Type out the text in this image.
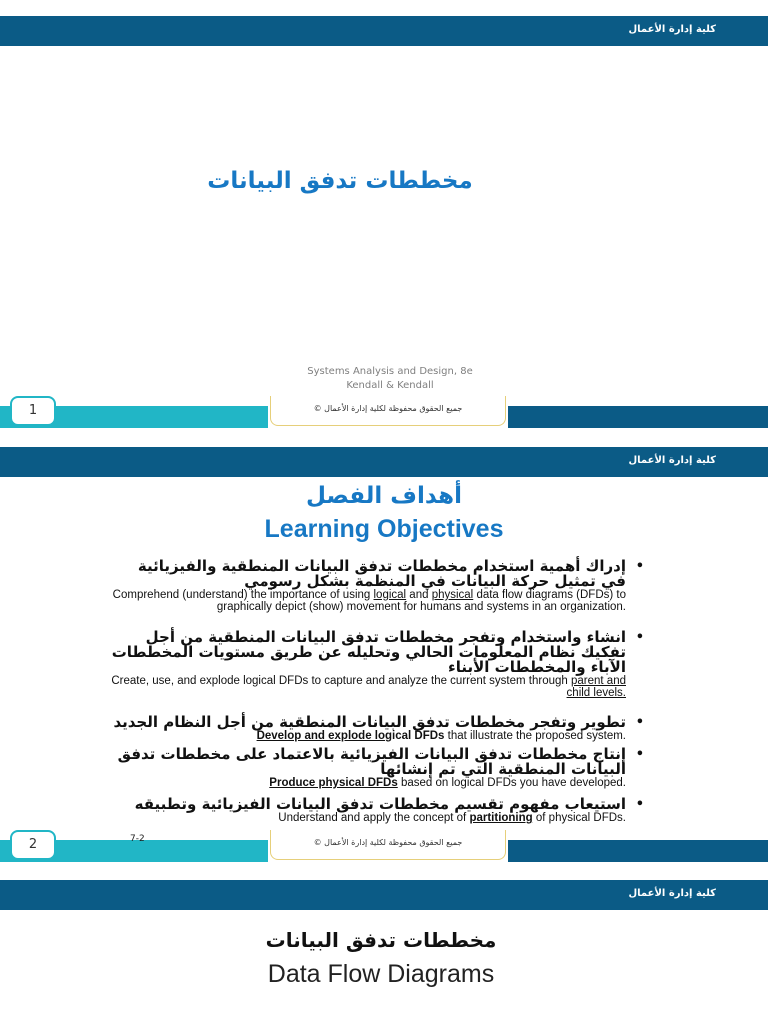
كلية إدارة الأعمال
مخططات تدفق البيانات
Systems Analysis and Design, 8e
Kendall & Kendall
1	جميع الحقوق محفوظة لكلية إدارة الأعمال ©
كلية إدارة الأعمال
أهداف الفصل
Learning Objectives
•
إدراك أهمية استخدام مخططات تدفق البيانات المنطقية والفيزيائية في تمثيل حركة البيانات في المنظمة بشكل رسومي
Comprehend (understand) the importance of using logical and physical data flow diagrams (DFDs) to graphically depict (show) movement for humans and systems in an organization.
•
انشاء واستخدام وتفجر مخططات تدفق البيانات المنطقية من أجل تفكيك نظام المعلومات الحالي وتحليله عن طريق مستويات المخططات الآباء والمخططات الأبناء
Create, use, and explode logical DFDs to capture and analyze the current system through parent and child levels.
•
تطوير وتفجر مخططات تدفق البيانات المنطقية من أجل النظام الجديد
Develop and explode logical DFDs that illustrate the proposed system.
•
إنتاج مخططات تدفق البيانات الفيزيائية بالاعتماد على مخططات تدفق البيانات المنطقية التي تم إنشائها
Produce physical DFDs based on logical DFDs you have developed.
•
استيعاب مفهوم تقسيم مخططات تدفق البيانات الفيزيائية وتطبيقه
Understand and apply the concept of partitioning of physical DFDs.
2	7-2	جميع الحقوق محفوظة لكلية إدارة الأعمال ©
كلية إدارة الأعمال
مخططات تدفق البيانات
Data Flow Diagrams
